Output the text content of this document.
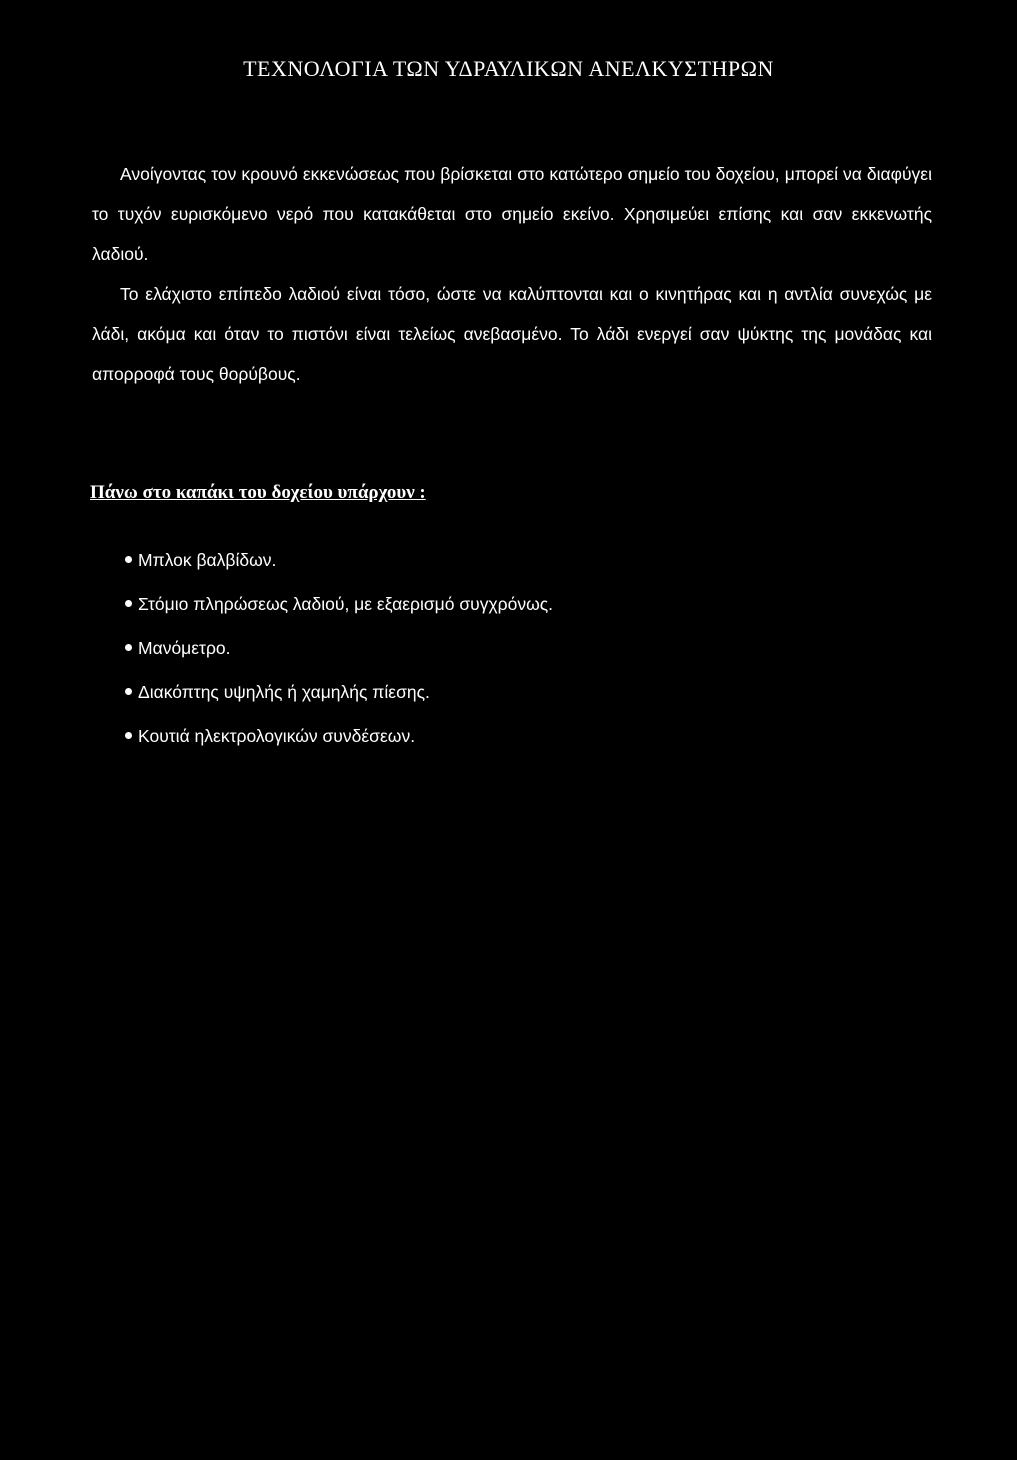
ΤΕΧΝΟΛΟΓΙΑ ΤΩΝ ΥΔΡΑΥΛΙΚΩΝ ΑΝΕΛΚΥΣΤΗΡΩΝ

Ανοίγοντας τον κρουνό εκκενώσεως που βρίσκεται στο κατώτερο σημείο του δοχείου, μπορεί να διαφύγει το τυχόν ευρισκόμενο νερό που κατακάθεται στο σημείο εκείνο. Χρησιμεύει επίσης και σαν εκκενωτής λαδιού.

Το ελάχιστο επίπεδο λαδιού είναι τόσο, ώστε να καλύπτονται και ο κινητήρας και η αντλία συνεχώς με λάδι, ακόμα και όταν το πιστόνι είναι τελείως ανεβασμένο. Το λάδι ενεργεί σαν ψύκτης της μονάδας και απορροφά τους θορύβους.

Πάνω στο καπάκι του δοχείου υπάρχουν :
Μπλοκ βαλβίδων.
Στόμιο πληρώσεως λαδιού, με εξαερισμό συγχρόνως.
Μανόμετρο.
Διακόπτης υψηλής ή χαμηλής πίεσης.
Κουτιά ηλεκτρολογικών συνδέσεων.
